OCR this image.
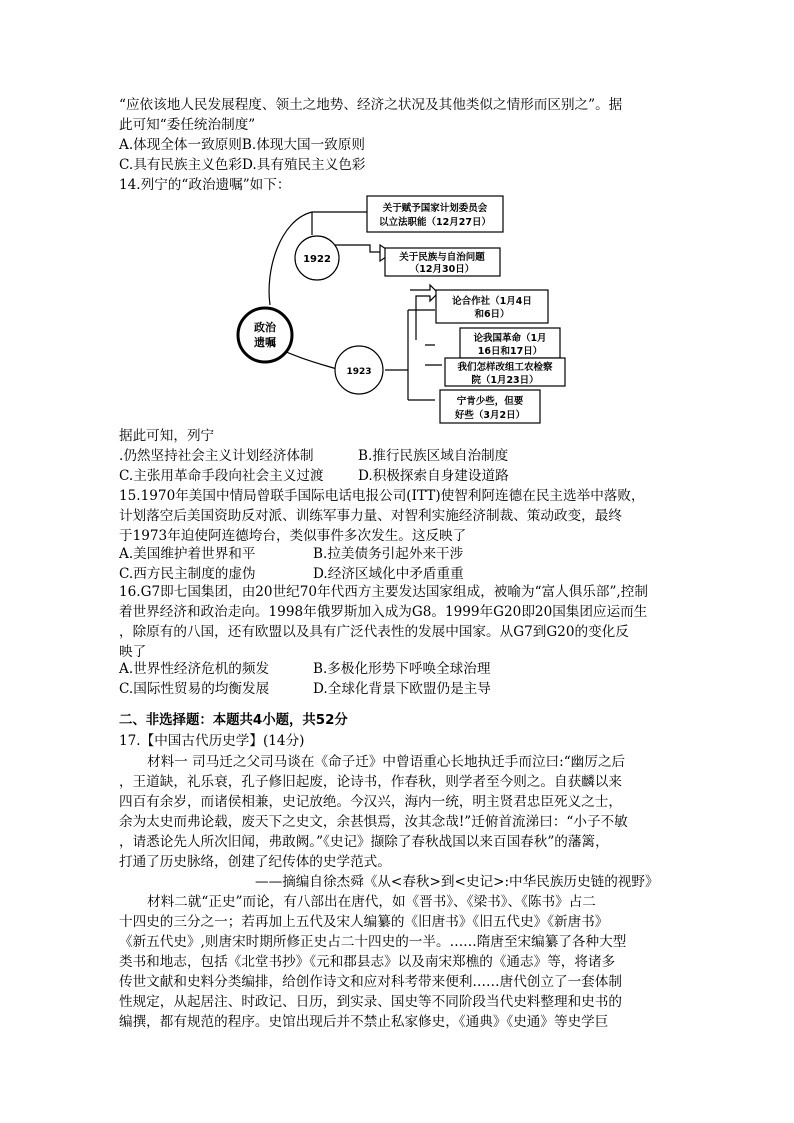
“应依该地人民发展程度、领土之地势、经济之状况及其他类似之情形而区别之”。据
此可知“委任统治制度”
A.体现全体一致原则B.体现大国一致原则
C.具有民族主义色彩D.具有殖民主义色彩
14.列宁的“政治遗嘱”如下：
政治
遗嘱
1922
1923
关于赋予国家计划委员会
以立法职能（12月27日）
关于民族与自治问题
（12月30日）
论合作社（1月4日
和6日）
论我国革命（1月
16日和17日）
我们怎样改组工农检察
院（1月23日）
宁肯少些，但要
好些（3月2日）
据此可知，列宁
.仍然坚持社会主义计划经济体制	B.推行民族区域自治制度
C.主张用革命手段向社会主义过渡	D.积极探索自身建设道路
15.1970年美国中情局曾联手国际电话电报公司(ITT)使智利阿连德在民主选举中落败，
计划落空后美国资助反对派、训练军事力量、对智利实施经济制裁、策动政变，最终
于1973年迫使阿连德垮台，类似事件多次发生。这反映了
A.美国维护着世界和平	B.拉美债务引起外来干涉
C.西方民主制度的虚伪	D.经济区域化中矛盾重重
16.G7即七国集团，由20世纪70年代西方主要发达国家组成，被喻为“富人俱乐部”,控制
着世界经济和政治走向。1998年俄罗斯加入成为G8。1999年G20即20国集团应运而生
，除原有的八国，还有欧盟以及具有广泛代表性的发展中国家。从G7到G20的变化反
映了
A.世界性经济危机的频发	B.多极化形势下呼唤全球治理
C.国际性贸易的均衡发展	D.全球化背景下欧盟仍是主导
二、非选择题：本题共4小题，共52分
17.【中国古代历史学】(14分)
材料一 司马迁之父司马谈在《命子迁》中曾语重心长地执迁手而泣曰:“幽厉之后
，王道缺，礼乐衰，孔子修旧起废，论诗书，作春秋，则学者至今则之。自获麟以来
四百有余岁，而诸侯相兼，史记放绝。今汉兴，海内一统，明主贤君忠臣死义之士，
余为太史而弗论载，废天下之史文，余甚惧焉，汝其念哉!”迁俯首流涕曰：“小子不敏
，请悉论先人所次旧闻，弗敢阙。”《史记》撷除了春秋战国以来百国春秋”的藩篱，
打通了历史脉络，创建了纪传体的史学范式。
——摘编自徐杰舜《从<春秋>到<史记>:中华民族历史链的视野》
材料二就“正史”而论，有八部出在唐代，如《晋书》、《梁书》、《陈书》占二
十四史的三分之一；若再加上五代及宋人编纂的《旧唐书》《旧五代史》《新唐书》
《新五代史》,则唐宋时期所修正史占二十四史的一半。……隋唐至宋编纂了各种大型
类书和地志，包括《北堂书抄》《元和郡县志》以及南宋郑樵的《通志》等，将诸多
传世文献和史料分类编排，给创作诗文和应对科考带来便利……唐代创立了一套体制
性规定，从起居注、时政记、日历，到实录、国史等不同阶段当代史料整理和史书的
编撰，都有规范的程序。史馆出现后并不禁止私家修史，《通典》《史通》等史学巨
